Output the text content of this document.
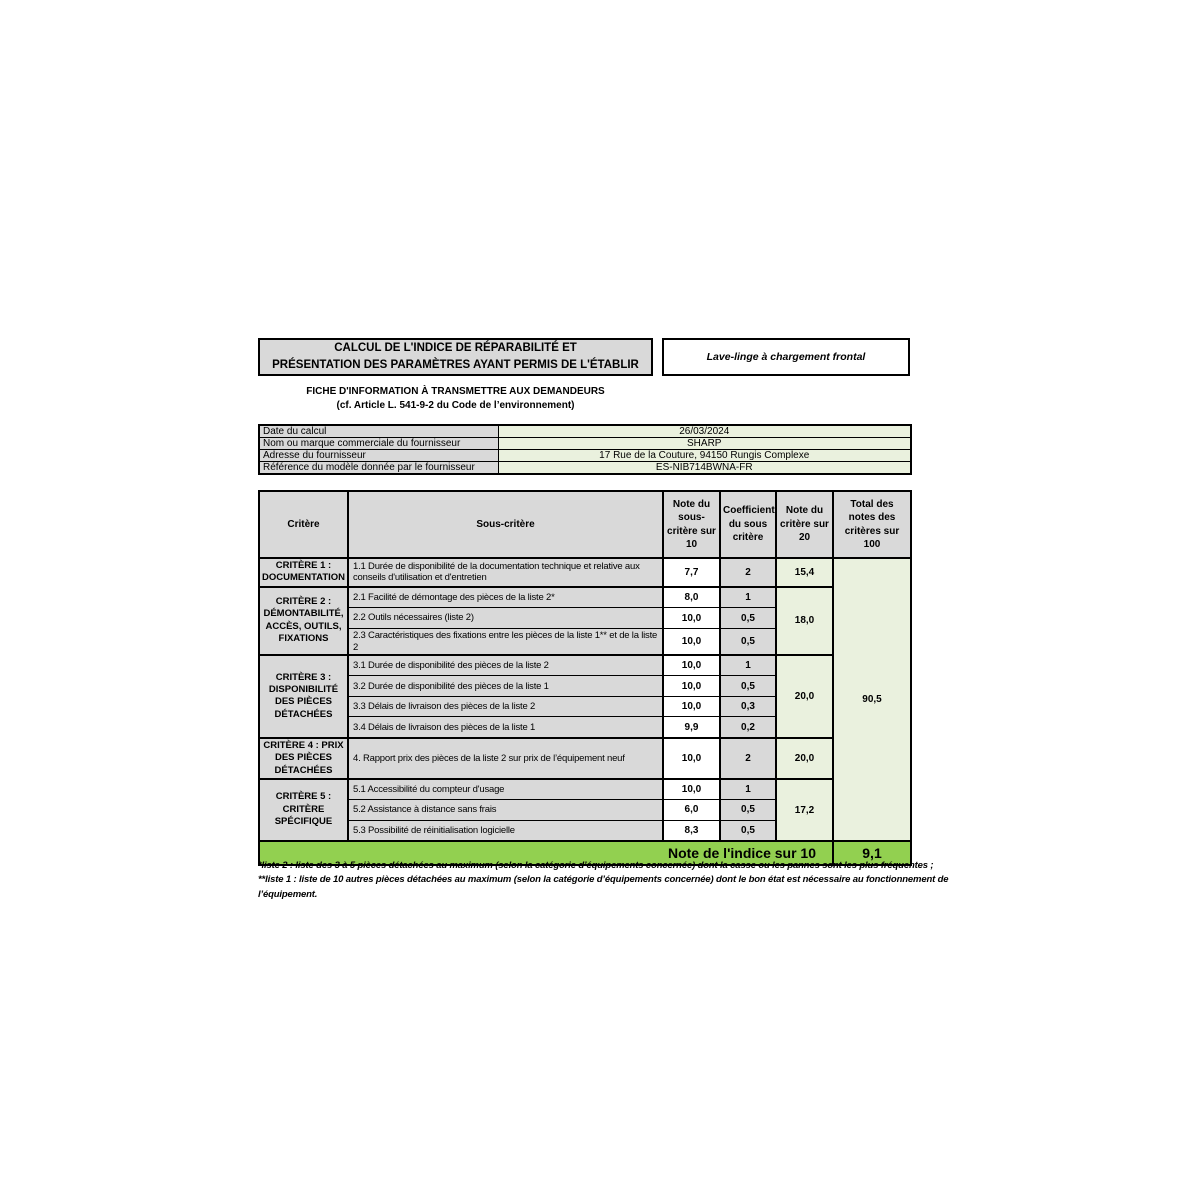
CALCUL DE L'INDICE DE RÉPARABILITÉ ET
PRÉSENTATION DES PARAMÈTRES AYANT PERMIS DE L'ÉTABLIR
Lave-linge à chargement frontal
FICHE D'INFORMATION À TRANSMETTRE AUX DEMANDEURS
(cf. Article L. 541-9-2 du Code de l’environnement)
Date du calcul	26/03/2024
Nom ou marque commerciale du fournisseur	SHARP
Adresse du fournisseur	17 Rue de la Couture, 94150 Rungis Complexe
Référence du modèle donnée par le fournisseur	ES-NIB714BWNA-FR
Critère	Sous-critère	Note du sous-critère sur 10	Coefficient du sous critère	Note du critère sur 20	Total des notes des critères sur 100
CRITÈRE 1 : DOCUMENTATION	1.1 Durée de disponibilité de la documentation technique et relative aux conseils d'utilisation et d'entretien	7,7	2	15,4	90,5
CRITÈRE 2 : DÉMONTABILITÉ, ACCÈS, OUTILS, FIXATIONS	2.1 Facilité de démontage des pièces de la liste 2*	8,0	1	18,0	
	2.2 Outils nécessaires (liste 2)	10,0	0,5		
	2.3 Caractéristiques des fixations entre les pièces de la liste 1** et de la liste 2	10,0	0,5		
CRITÈRE 3 : DISPONIBILITÉ DES PIÈCES DÉTACHÉES	3.1 Durée de disponibilité des pièces de la liste 2	10,0	1	20,0	
	3.2 Durée de disponibilité des pièces de la liste 1	10,0	0,5		
	3.3 Délais de livraison des pièces de la liste 2	10,0	0,3		
	3.4 Délais de livraison des pièces de la liste 1	9,9	0,2		
CRITÈRE 4 : PRIX DES PIÈCES DÉTACHÉES	4. Rapport prix des pièces de la liste 2 sur prix de l’équipement neuf	10,0	2	20,0	
CRITÈRE 5 : CRITÈRE SPÉCIFIQUE	5.1 Accessibilité du compteur d'usage	10,0	1	17,2	
	5.2 Assistance à distance sans frais	6,0	0,5		
	5.3 Possibilité de réinitialisation logicielle	8,3	0,5		
Note de l'indice sur 10					9,1
*liste 2 : liste des 3 à 5 pièces détachées au maximum (selon la catégorie d’équipements concernée) dont la casse ou les pannes sont les plus fréquentes ;
**liste 1 : liste de 10 autres pièces détachées au maximum (selon la catégorie d’équipements concernée) dont le bon état est nécessaire au fonctionnement de
l’équipement.
